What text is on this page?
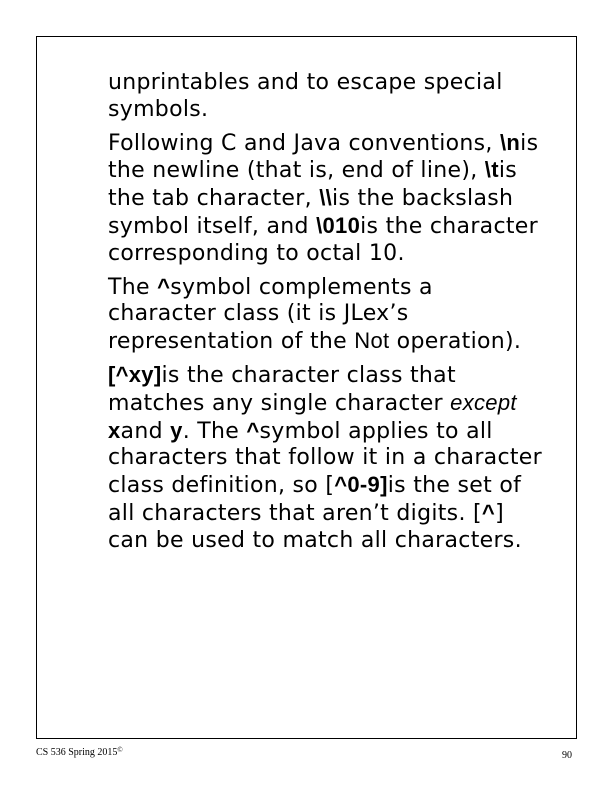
unprintables and to escape special symbols.
Following C and Java conventions, \nis the newline (that is, end of line), \tis the tab character, \\is the backslash symbol itself, and \010is the character corresponding to octal 10.
The ^symbol complements a character class (it is JLex’s representation of the Not operation).
[^xy]is the character class that matches any single character except xand y. The ^symbol applies to all characters that follow it in a character class definition, so [^0-9]is the set of all characters that aren’t digits. [^] can be used to match all characters.
CS 536 Spring 2015©	90
